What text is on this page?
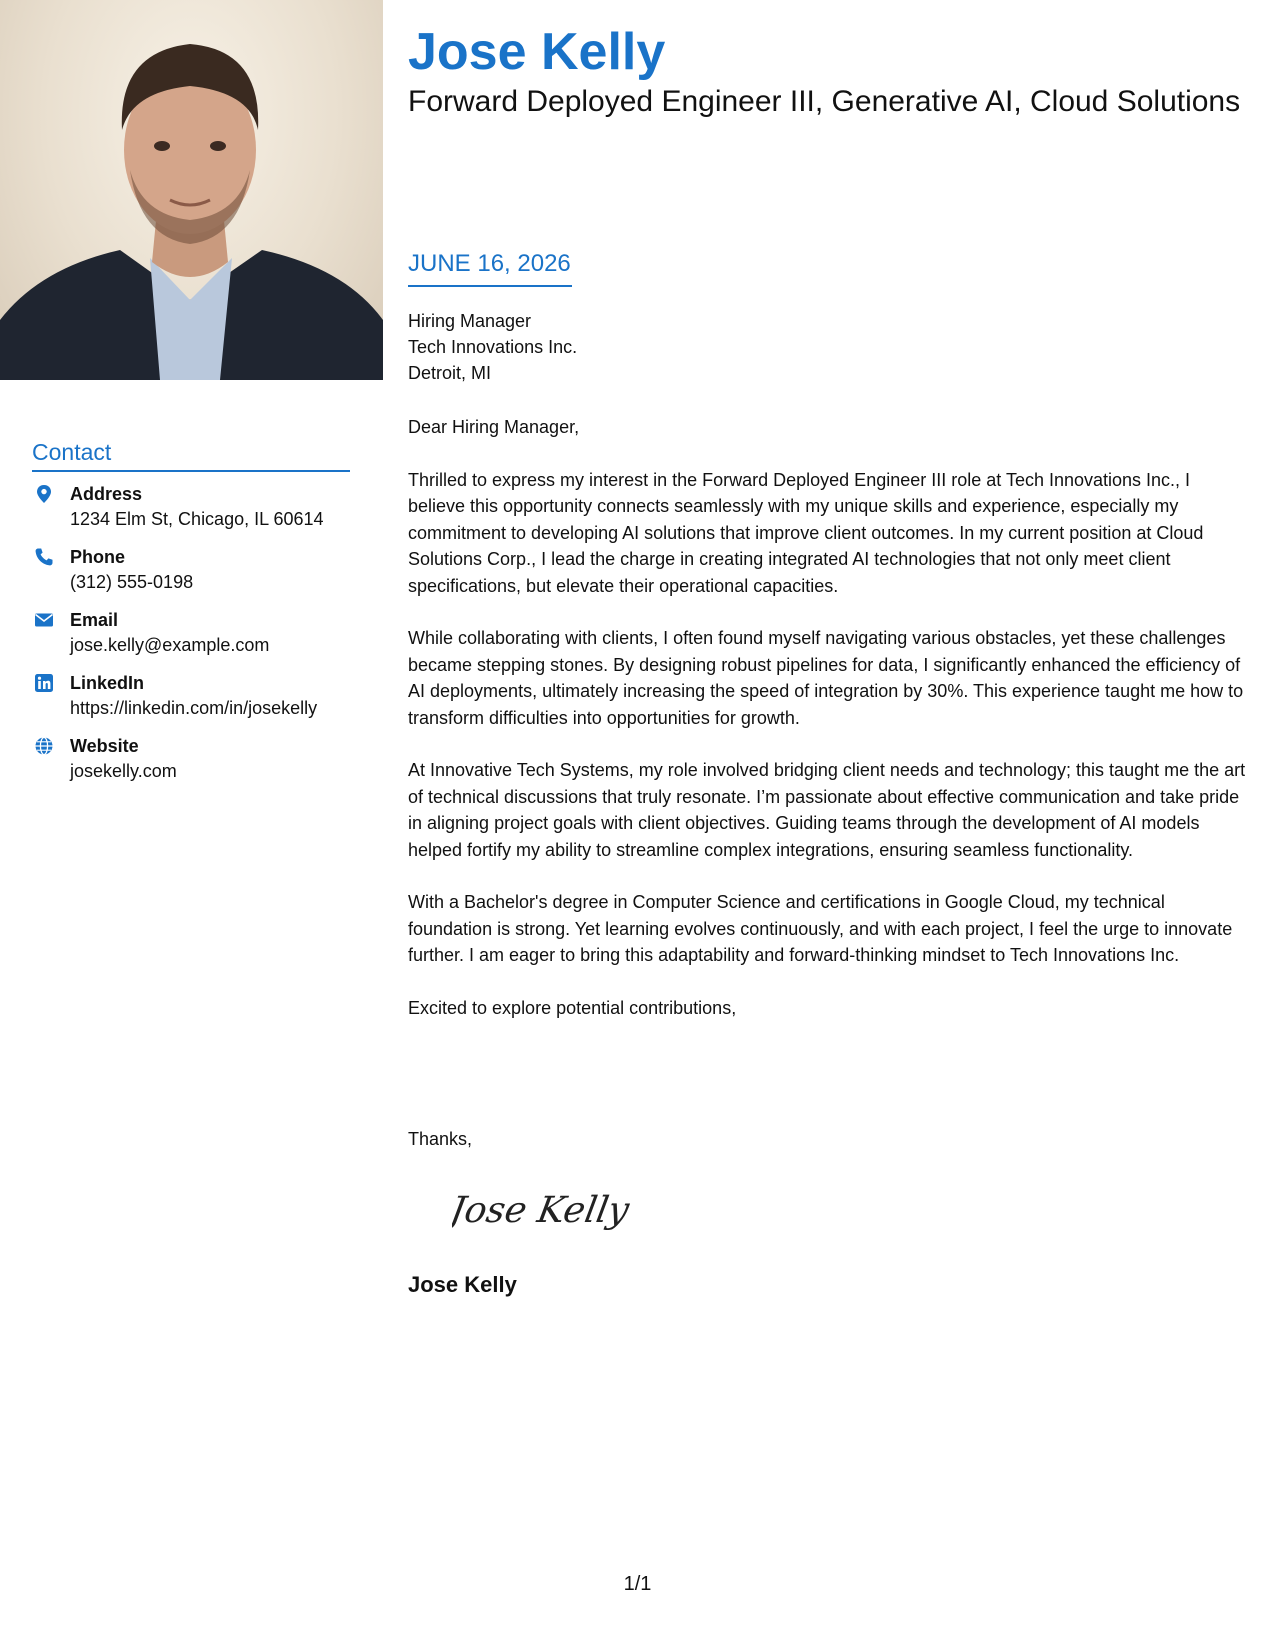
Jose Kelly
Forward Deployed Engineer III, Generative AI, Cloud Solutions
JUNE 16, 2026
Hiring Manager
Tech Innovations Inc.
Detroit, MI

Dear Hiring Manager,

Thrilled to express my interest in the Forward Deployed Engineer III role at Tech Innovations Inc., I believe this opportunity connects seamlessly with my unique skills and experience, especially my commitment to developing AI solutions that improve client outcomes. In my current position at Cloud Solutions Corp., I lead the charge in creating integrated AI technologies that not only meet client specifications, but elevate their operational capacities.

While collaborating with clients, I often found myself navigating various obstacles, yet these challenges became stepping stones. By designing robust pipelines for data, I significantly enhanced the efficiency of AI deployments, ultimately increasing the speed of integration by 30%. This experience taught me how to transform difficulties into opportunities for growth.

At Innovative Tech Systems, my role involved bridging client needs and technology; this taught me the art of technical discussions that truly resonate. I’m passionate about effective communication and take pride in aligning project goals with client objectives. Guiding teams through the development of AI models helped fortify my ability to streamline complex integrations, ensuring seamless functionality.

With a Bachelor's degree in Computer Science and certifications in Google Cloud, my technical foundation is strong. Yet learning evolves continuously, and with each project, I feel the urge to innovate further. I am eager to bring this adaptability and forward-thinking mindset to Tech Innovations Inc.

Excited to explore potential contributions,

Thanks,
Jose Kelly
Jose Kelly
Contact
Address
1234 Elm St, Chicago, IL 60614
Phone
(312) 555-0198
Email
jose.kelly@example.com
LinkedIn
https://linkedin.com/in/josekelly
Website
josekelly.com
1/1
